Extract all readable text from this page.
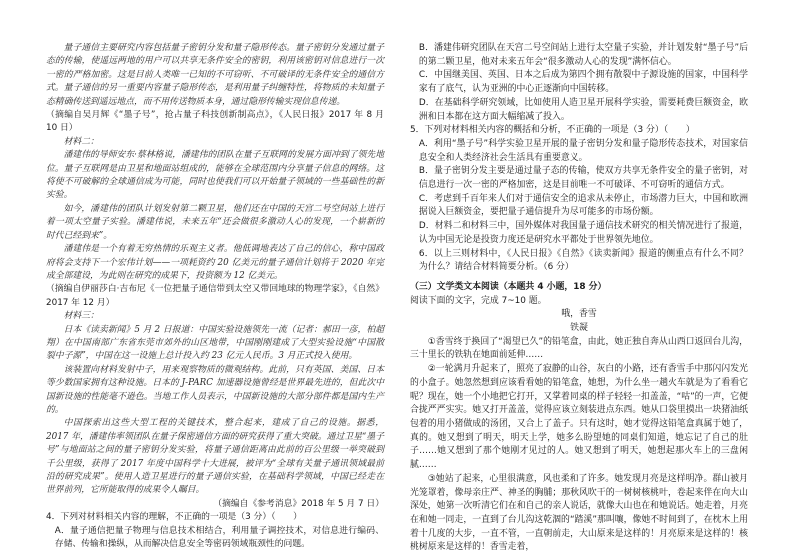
量子通信主要研究内容包括量子密钥分发和量子隐形传态。量子密钥分发通过量子态的传输，使遥远两地的用户可以共享无条件安全的密钥，利用该密钥对信息进行一次一密的严格加密。这是目前人类唯一已知的不可窃听、不可破译的无条件安全的通信方式。量子通信的另一重要内容量子隐形传态，是利用量子纠缠特性，将物质的未知量子态精确传送到遥远地点，而不用传送物质本身，通过隐形传输实现信息传递。

（摘编自吴月辉《“墨子号”，抢占量子科技创新制高点》，《人民日报》2017 年 8 月 10 日）

材料二：

潘建伟的导师安东·蔡林格说，潘建伟的团队在量子互联网的发展方面冲到了领先地位。量子互联网是由卫星和地面站组成的，能够在全球范围内分享量子信息的网络。这将使不可破解的全球通信成为可能，同时也使我们可以开始量子领域的一些基础性的新实验。

如今，潘建伟的团队计划发射第二颗卫星，他们还在中国的天宫二号空间站上进行着一项太空量子实验。潘建伟说，未来五年“还会做很多激动人心的发现，一个崭新的时代已经到来”。

潘建伟是一个有着无穷热情的乐观主义者。他低调地表达了自己的信心，称中国政府将会支持下一个宏伟计划——一项耗资约 20 亿美元的量子通信计划将于 2020 年完成全部建设，为此则在研究的成果下，投资额为 12 亿美元。

（摘编自伊丽莎白·吉布尼《一位把量子通信带到太空又带回地球的物理学家》，《自然》2017 年 12 月）

材料三：

日本《读卖新闻》5 月 2 日报道：中国实验设施领先一流（记者：郝田一彦，柏超翔）在中国南部广东省东莞市郊外的山区地带，中国刚刚建成了大型实验设施“中国散裂中子源”，中国在这一设施上总计投入约 23 亿元人民币。3 月正式投入使用。

该装置向材料发射中子，用来观察物质的微观结构。此前，只有英国、美国、日本等少数国家拥有这种设施。日本的 J-PARC 加速器设施曾经是世界最先进的，但此次中国新设施的性能毫不逊色。当地工作人员表示，中国新设施的大部分部件都是国内生产的。

中国探索出这些大型工程的关键技术，整合起来，建成了自己的设施。据悉，2017 年，潘建伟率领团队在量子保密通信方面的研究获得了重大突破。通过卫星“墨子号”与地面站之间的量子密钥分发实验，将量子通信距离由此前的百公里级一举突破到千公里级，获得了 2017 年度中国科学十大进展，被评为“全球有关量子通讯领域最前沿的研究成果”。使用人造卫星进行的量子通信实验，在基础科学领域，中国已经走在世界前列，它所能取得的成果令人瞩目。

（摘编自《参考消息》2018 年 5 月 7 日）

4．下列对材料相关内容的理解，不正确的一项是（3 分）（　　）

A．量子通信把量子物理与信息技术相结合，利用量子调控技术，对信息进行编码、存储、传输和操纵，从而解决信息安全等密码领域瓶颈性的问题。

B．潘建伟研究团队在天宫二号空间站上进行太空量子实验，并计划发射“墨子号”后的第二颗卫星，他对未来五年会“很多激动人心的发现”满怀信心。

C．中国继美国、英国、日本之后成为第四个拥有散裂中子源设施的国家，中国科学家有了底气，认为亚洲的中心正逐渐向中国转移。

D．在基础科学研究领域，比如使用人造卫星开展科学实验，需要耗费巨额资金，欧洲和日本都在这方面大幅缩减了投入。

5．下列对材料相关内容的概括和分析，不正确的一项是（3 分）（　　）

A．利用“墨子号”科学实验卫星开展的量子密钥分发和量子隐形传态技术，对国家信息安全和人类经济社会生活具有重要意义。

B．量子密钥分发主要是通过量子态的传输，使双方共享无条件安全的量子密钥，对信息进行一次一密的严格加密，这是目前唯一不可破译、不可窃听的通信方式。

C．考虑到千百年来人们对于通信安全的追求从未停止，市场潜力巨大，中国和欧洲据说入巨额资金，要把量子通信提升为尽可能多的市场份额。

D．材料二和材料三中，国外媒体对我国量子通信技术研究的相关情况进行了报道，认为中国无论是投资力度还是研究水平都处于世界领先地位。

6．以上三则材料中，《人民日报》《自然》《读卖新闻》报道的侧重点有什么不同？为什么？请结合材料简要分析。（6 分）

（三）文学类文本阅读（本题共 4 小题，18 分）

阅读下面的文字，完成 7~10 题。

哦，香雪

铁凝

①香雪终于换回了“渴望已久”的铅笔盒，由此，她正独自奔从山西口返回台儿沟，三十里长的铁轨在她面前延伸……

②一轮满月升起来了，照亮了寂静的山谷，灰白的小路，还有香雪手中那闪闪发光的小盒子。她忽然想到应该看看她的铅笔盒，她想，为什么坐一趟火车就是为了看看它呢？现在，她一个小地把它打开，又掌着同桌的样子轻轻一扣盖盖，“咕”的一声，它便合拢严严实实。她又打开盖盖，觉得应该立刻装进点东西。她从口袋里摸出一块猪油纸包着的用小猪做成的汤团，又合上了盖子。只有这时，她才觉得这铅笔盒真属于她了，真的。她又想到了明天，明天上学，她多么盼望她的同桌们知道，她忘记了自己的肚子……她又想到了那个她刚才见过的人。她又想到了明天，她想起那火车上的三盘闲腻……

③她站了起来，心里很满意，风也柔和了许多。她发现月亮是这样明净。群山被月光笼罩着，像母亲庄严、神圣的胸脯；那秋风吹干的一树树核桃叶，卷起来伴在向大山深处，她第一次听清它们在和自己的亲人说话，就像大山也在和她说话。她走着，月亮在和她一同走，一直到了台儿沟这乾涸的“踏溪”那叫嚷，像她不时间到了，在枕木上用着十几度的大步，一直不管，一直朝前走，大山原来是这样的！月亮原来是这样的！核桃树原来是这样的！香雪走着，
